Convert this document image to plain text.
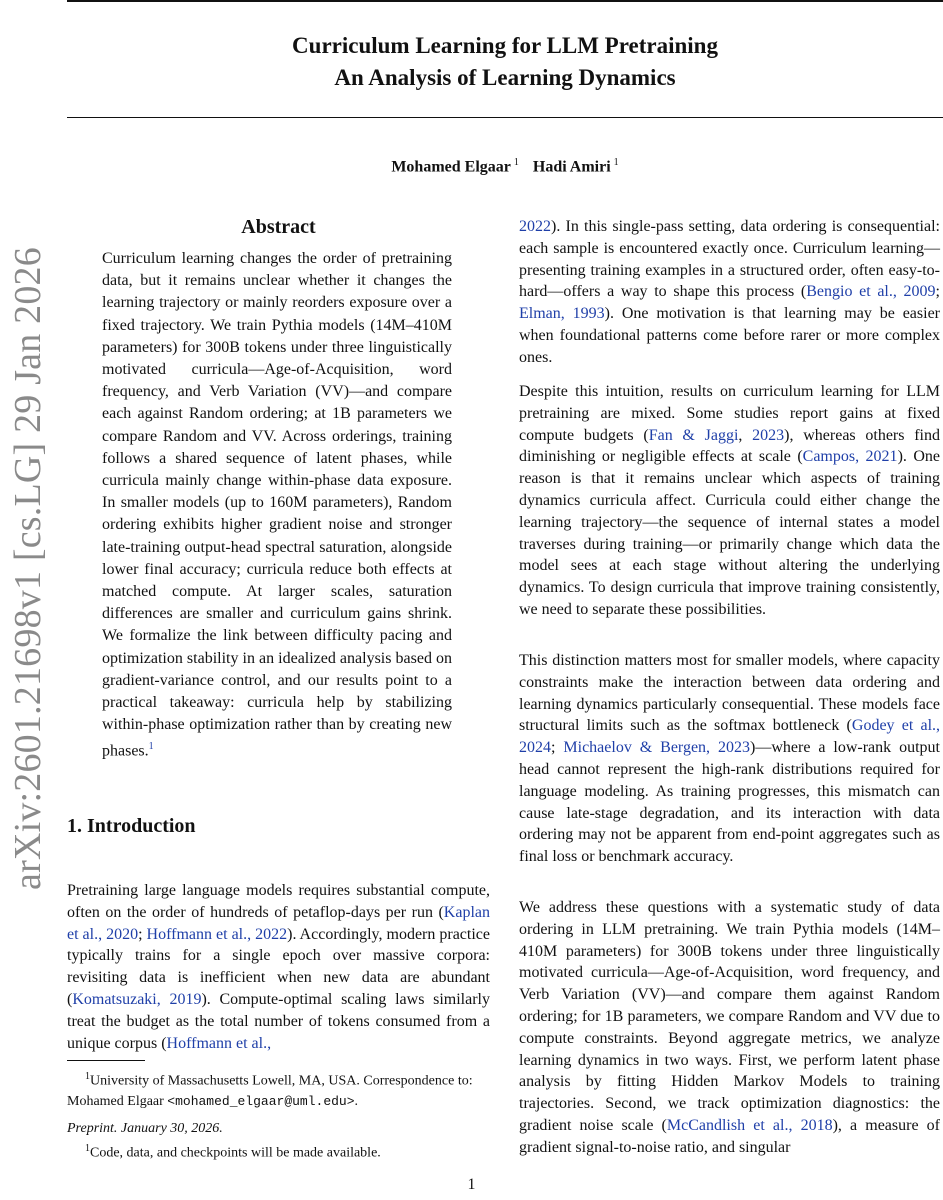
arXiv:2601.21698v1 [cs.LG] 29 Jan 2026
Curriculum Learning for LLM Pretraining
An Analysis of Learning Dynamics
Mohamed Elgaar $^1$ Hadi Amiri $^1$
Abstract
Curriculum learning changes the order of pretraining data, but it remains unclear whether it changes the learning trajectory or mainly reorders exposure over a fixed trajectory. We train Pythia models (14M–410M parameters) for 300B tokens under three linguistically motivated curricula—Age-of-Acquisition, word frequency, and Verb Variation (VV)—and compare each against Random ordering; at 1B parameters we compare Random and VV. Across orderings, training follows a shared sequence of latent phases, while curricula mainly change within-phase data exposure. In smaller models (up to 160M parameters), Random ordering exhibits higher gradient noise and stronger late-training output-head spectral saturation, alongside lower final accuracy; curricula reduce both effects at matched compute. At larger scales, saturation differences are smaller and curriculum gains shrink. We formalize the link between difficulty pacing and optimization stability in an idealized analysis based on gradient-variance control, and our results point to a practical takeaway: curricula help by stabilizing within-phase optimization rather than by creating new phases.$^1$
1. Introduction

Pretraining large language models requires substantial compute, often on the order of hundreds of petaflop-days per run (Kaplan et al., 2020; Hoffmann et al., 2022). Accordingly, modern practice typically trains for a single epoch over massive corpora: revisiting data is inefficient when new data are abundant (Komatsuzaki, 2019). Compute-optimal scaling laws similarly treat the budget as the total number of tokens consumed from a unique corpus (Hoffmann et al.,

$^1$University of Massachusetts Lowell, MA, USA. Correspondence to: Mohamed Elgaar <mohamed_elgaar@uml.edu>.
Preprint. January 30, 2026.
$^1$Code, data, and checkpoints will be made available.

2022). In this single-pass setting, data ordering is consequential: each sample is encountered exactly once. Curriculum learning—presenting training examples in a structured order, often easy-to-hard—offers a way to shape this process (Bengio et al., 2009; Elman, 1993). One motivation is that learning may be easier when foundational patterns come before rarer or more complex ones.

Despite this intuition, results on curriculum learning for LLM pretraining are mixed. Some studies report gains at fixed compute budgets (Fan & Jaggi, 2023), whereas others find diminishing or negligible effects at scale (Campos, 2021). One reason is that it remains unclear which aspects of training dynamics curricula affect. Curricula could either change the learning trajectory—the sequence of internal states a model traverses during training—or primarily change which data the model sees at each stage without altering the underlying dynamics. To design curricula that improve training consistently, we need to separate these possibilities.

This distinction matters most for smaller models, where capacity constraints make the interaction between data ordering and learning dynamics particularly consequential. These models face structural limits such as the softmax bottleneck (Godey et al., 2024; Michaelov & Bergen, 2023)—where a low-rank output head cannot represent the high-rank distributions required for language modeling. As training progresses, this mismatch can cause late-stage degradation, and its interaction with data ordering may not be apparent from end-point aggregates such as final loss or benchmark accuracy.

We address these questions with a systematic study of data ordering in LLM pretraining. We train Pythia models (14M–410M parameters) for 300B tokens under three linguistically motivated curricula—Age-of-Acquisition, word frequency, and Verb Variation (VV)—and compare them against Random ordering; for 1B parameters, we compare Random and VV due to compute constraints. Beyond aggregate metrics, we analyze learning dynamics in two ways. First, we perform latent phase analysis by fitting Hidden Markov Models to training trajectories. Second, we track optimization diagnostics: the gradient noise scale (McCandlish et al., 2018), a measure of gradient signal-to-noise ratio, and singular

1
